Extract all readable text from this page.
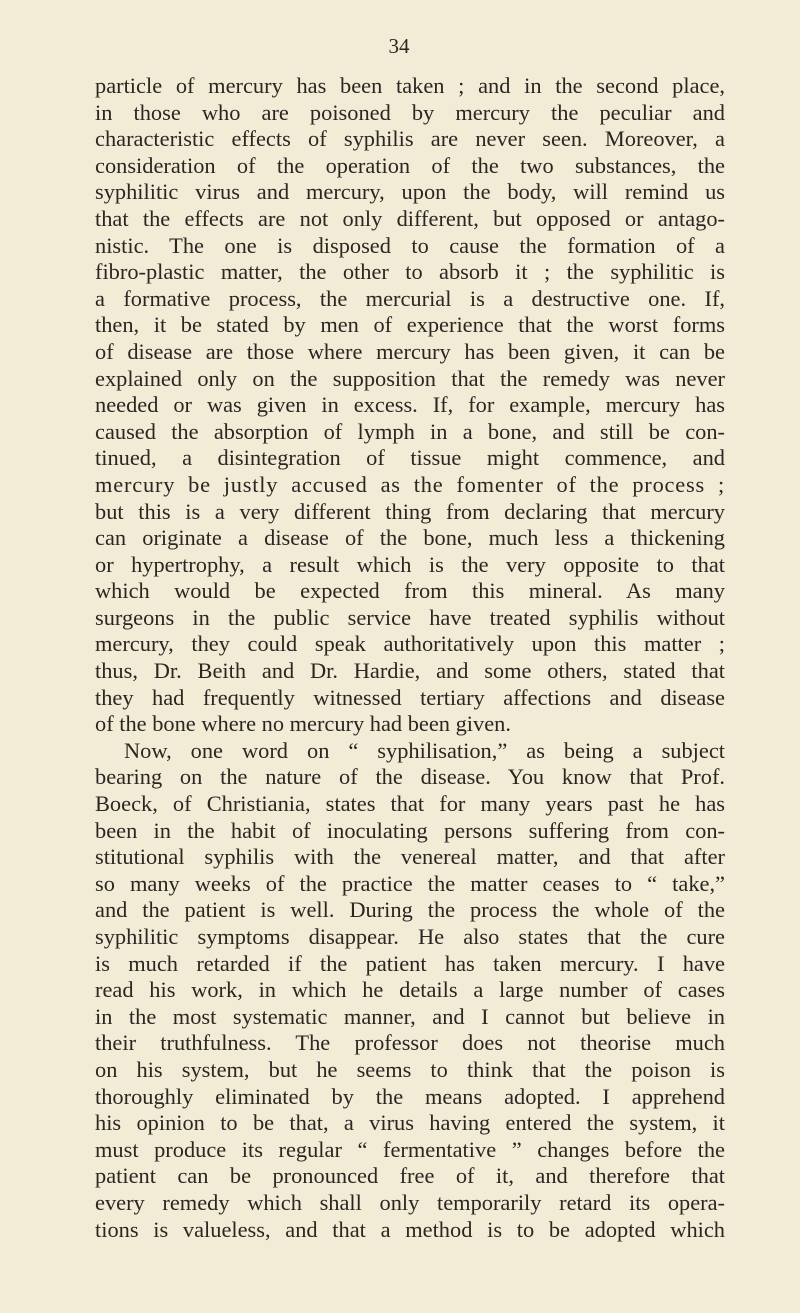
34
particle of mercury has been taken ; and in the second place,
in those who are poisoned by mercury the peculiar and
characteristic effects of syphilis are never seen. Moreover, a
consideration of the operation of the two substances, the
syphilitic virus and mercury, upon the body, will remind us
that the effects are not only different, but opposed or antago-
nistic. The one is disposed to cause the formation of a
fibro-plastic matter, the other to absorb it ; the syphilitic is
a formative process, the mercurial is a destructive one. If,
then, it be stated by men of experience that the worst forms
of disease are those where mercury has been given, it can be
explained only on the supposition that the remedy was never
needed or was given in excess. If, for example, mercury has
caused the absorption of lymph in a bone, and still be con-
tinued, a disintegration of tissue might commence, and
mercury be justly accused as the fomenter of the process ;
but this is a very different thing from declaring that mercury
can originate a disease of the bone, much less a thickening
or hypertrophy, a result which is the very opposite to that
which would be expected from this mineral. As many
surgeons in the public service have treated syphilis without
mercury, they could speak authoritatively upon this matter ;
thus, Dr. Beith and Dr. Hardie, and some others, stated that
they had frequently witnessed tertiary affections and disease
of the bone where no mercury had been given.
Now, one word on “ syphilisation,” as being a subject
bearing on the nature of the disease. You know that Prof.
Boeck, of Christiania, states that for many years past he has
been in the habit of inoculating persons suffering from con-
stitutional syphilis with the venereal matter, and that after
so many weeks of the practice the matter ceases to “ take,”
and the patient is well. During the process the whole of the
syphilitic symptoms disappear. He also states that the cure
is much retarded if the patient has taken mercury. I have
read his work, in which he details a large number of cases
in the most systematic manner, and I cannot but believe in
their truthfulness. The professor does not theorise much
on his system, but he seems to think that the poison is
thoroughly eliminated by the means adopted. I apprehend
his opinion to be that, a virus having entered the system, it
must produce its regular “ fermentative ” changes before the
patient can be pronounced free of it, and therefore that
every remedy which shall only temporarily retard its opera-
tions is valueless, and that a method is to be adopted which
